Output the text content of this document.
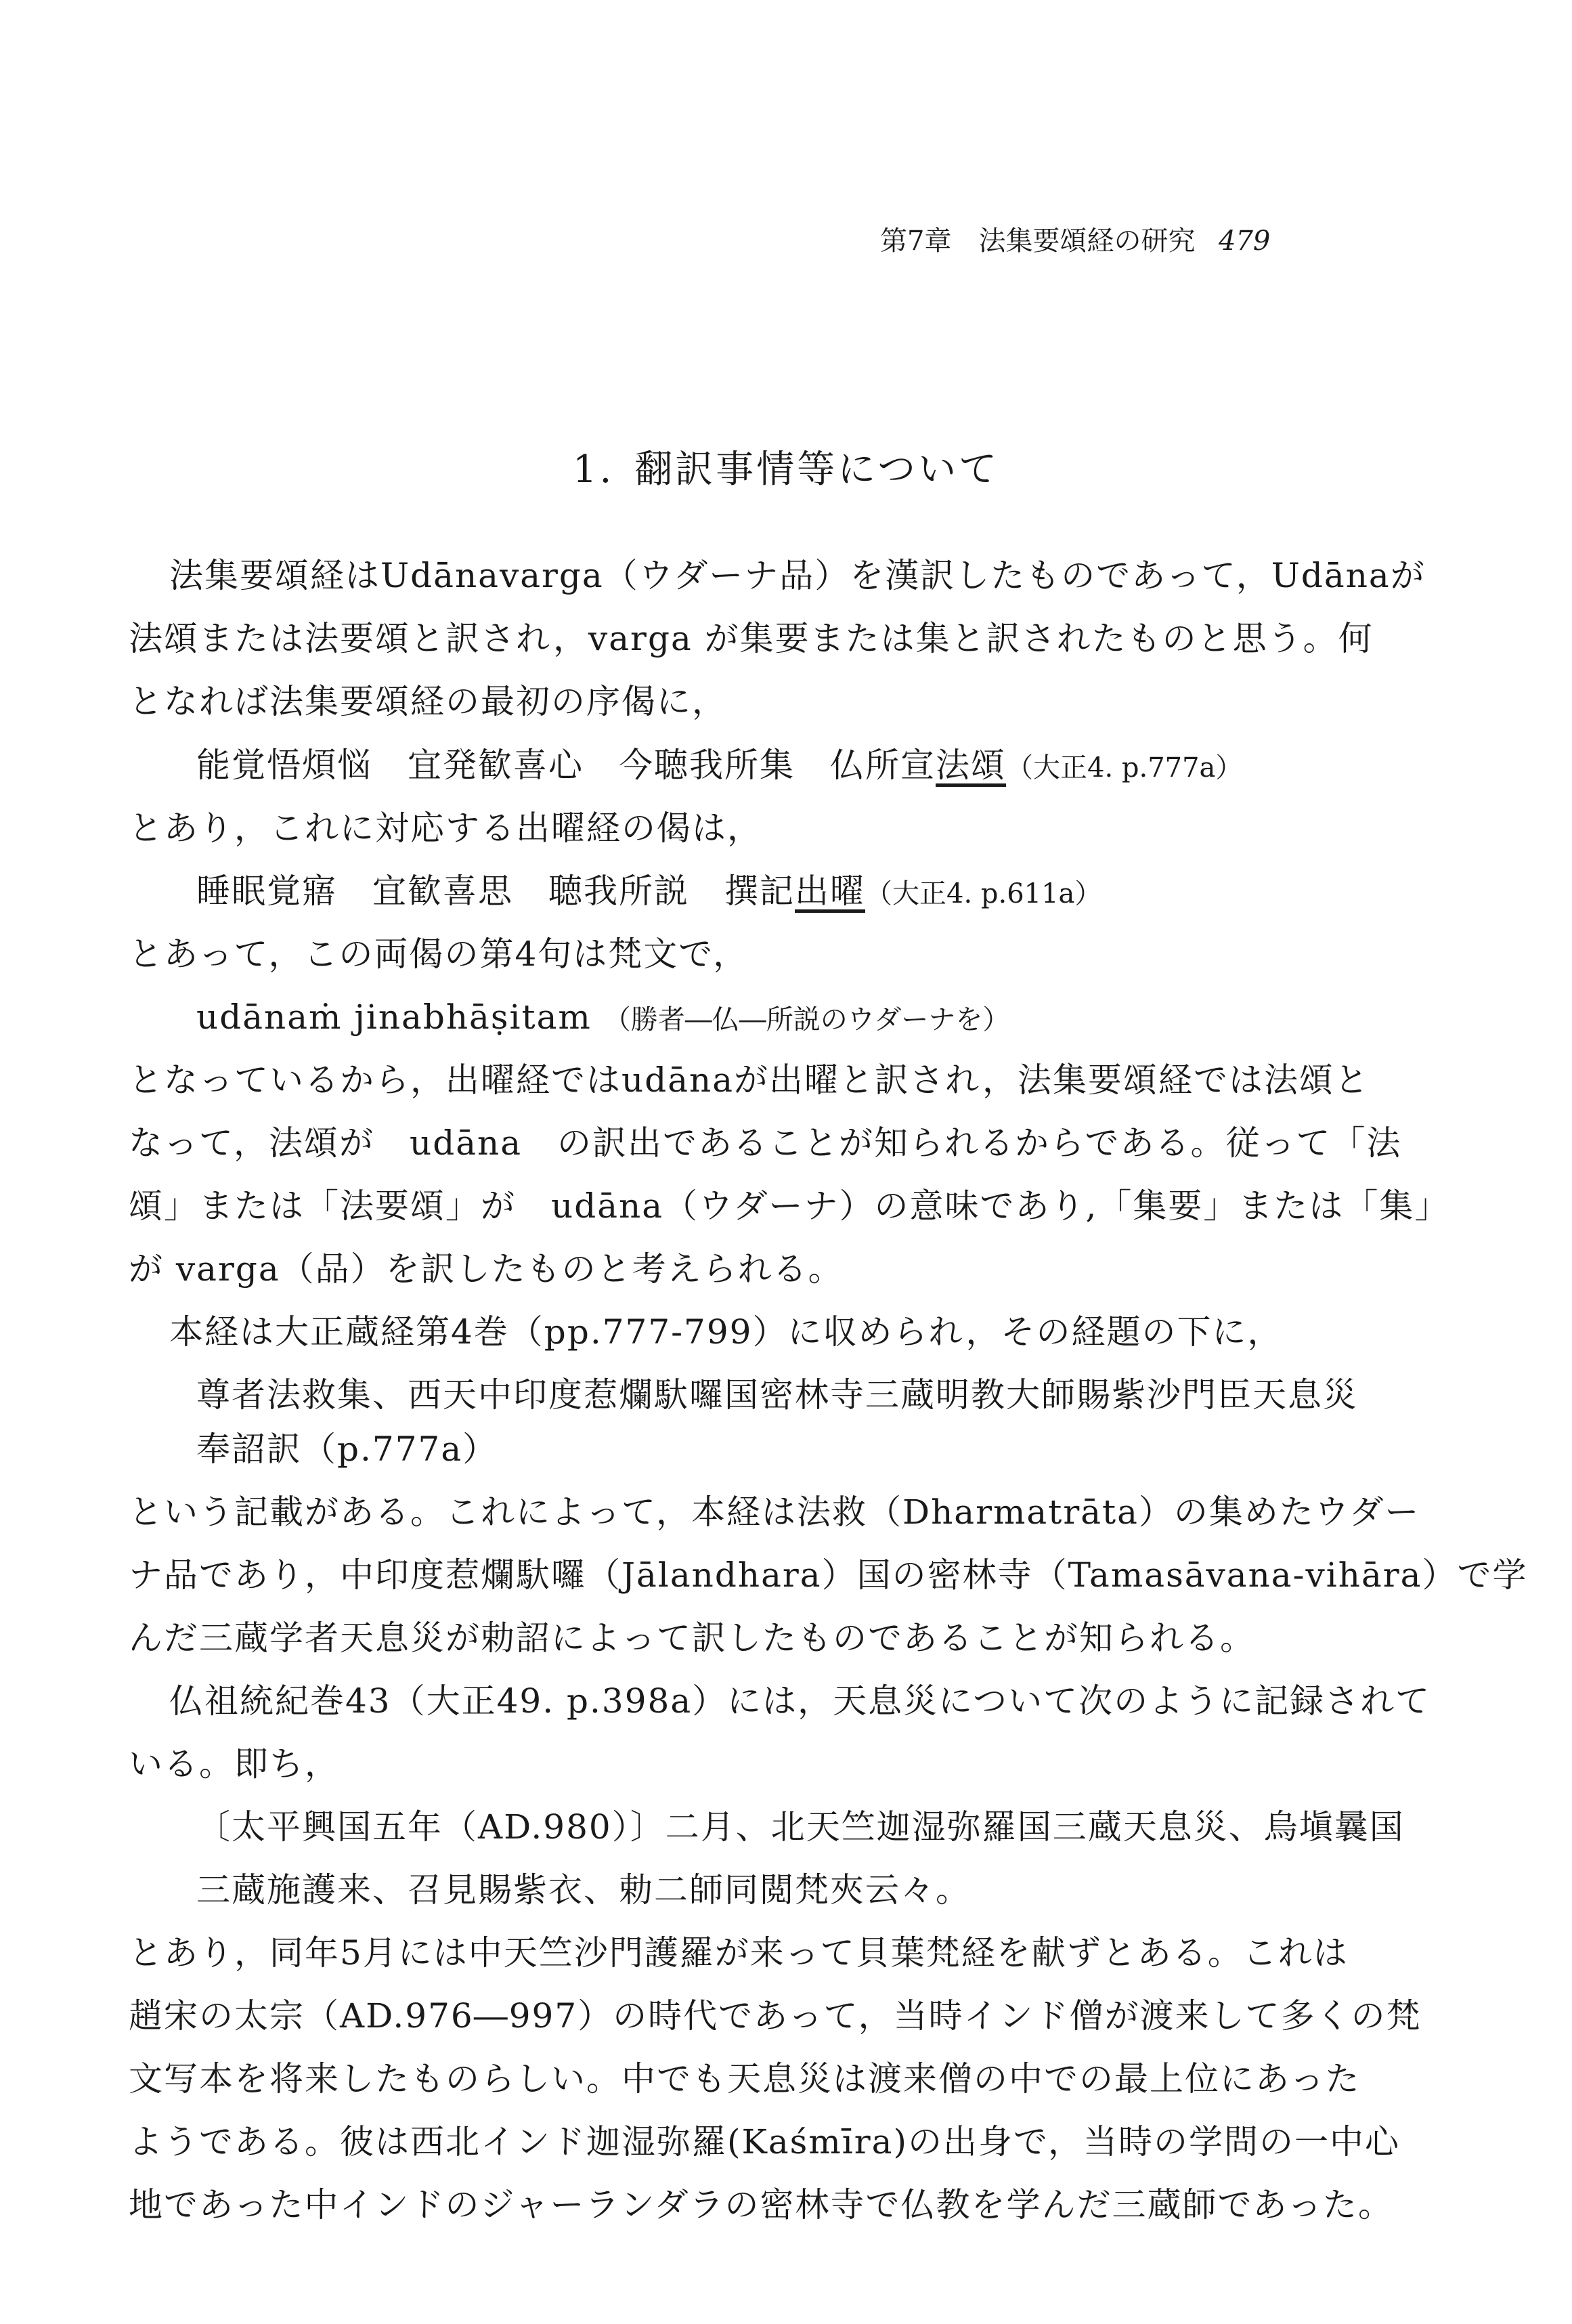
第7章　法集要頌経の研究 479
1. 翻訳事情等について
法集要頌経はUdānavarga（ウダーナ品）を漢訳したものであって，Udānaが
法頌または法要頌と訳され，varga が集要または集と訳されたものと思う。何
となれば法集要頌経の最初の序偈に，
能覚悟煩悩　宜発歓喜心　今聴我所集　仏所宣法頌（大正4. p.777a）
とあり，これに対応する出曜経の偈は，
睡眠覚寤　宜歓喜思　聴我所説　撰記出曜（大正4. p.611a）
とあって，この両偈の第4句は梵文で，
udānaṁ jinabhāṣitam （勝者―仏―所説のウダーナを）
となっているから，出曜経ではudānaが出曜と訳され，法集要頌経では法頌と
なって，法頌が　udāna　の訳出であることが知られるからである。従って「法
頌」または「法要頌」が　udāna（ウダーナ）の意味であり,「集要」または「集」
が varga（品）を訳したものと考えられる。
本経は大正蔵経第4巻（pp.777-799）に収められ，その経題の下に，
尊者法救集、西天中印度惹爛馱囉国密林寺三蔵明教大師賜紫沙門臣天息災
奉詔訳（p.777a）
という記載がある。これによって，本経は法救（Dharmatrāta）の集めたウダー
ナ品であり，中印度惹爛馱囉（Jālandhara）国の密林寺（Tamasāvana-vihāra）で学
んだ三蔵学者天息災が勅詔によって訳したものであることが知られる。
仏祖統紀巻43（大正49. p.398a）には，天息災について次のように記録されて
いる。即ち，
〔太平興国五年（AD.980）〕二月、北天竺迦湿弥羅国三蔵天息災、烏塡曩国
三蔵施護来、召見賜紫衣、勅二師同閲梵夾云々。
とあり，同年5月には中天竺沙門護羅が来って貝葉梵経を献ずとある。これは
趙宋の太宗（AD.976―997）の時代であって，当時インド僧が渡来して多くの梵
文写本を将来したものらしい。中でも天息災は渡来僧の中での最上位にあった
ようである。彼は西北インド迦湿弥羅(Kaśmīra)の出身で，当時の学問の一中心
地であった中インドのジャーランダラの密林寺で仏教を学んだ三蔵師であった。
